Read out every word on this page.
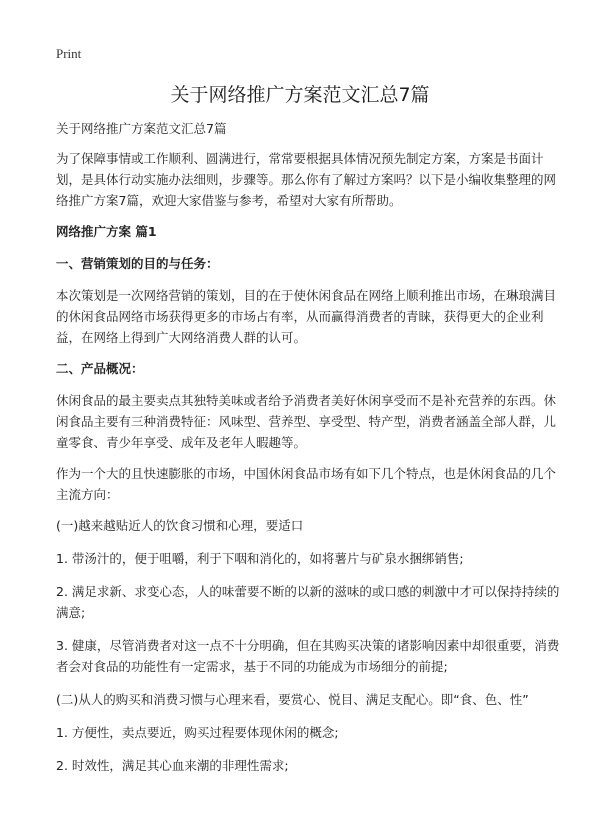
Print
关于网络推广方案范文汇总7篇

关于网络推广方案范文汇总7篇

为了保障事情或工作顺利、圆满进行，常常要根据具体情况预先制定方案，方案是书面计划，是具体行动实施办法细则，步骤等。那么你有了解过方案吗？以下是小编收集整理的网络推广方案7篇，欢迎大家借鉴与参考，希望对大家有所帮助。

网络推广方案 篇1

一、营销策划的目的与任务：

本次策划是一次网络营销的策划，目的在于使休闲食品在网络上顺利推出市场，在琳琅满目的休闲食品网络市场获得更多的市场占有率，从而赢得消费者的青睐，获得更大的企业利益，在网络上得到广大网络消费人群的认可。

二、产品概况：

休闲食品的最主要卖点其独特美味或者给予消费者美好休闲享受而不是补充营养的东西。休闲食品主要有三种消费特征：风味型、营养型、享受型、特产型，消费者涵盖全部人群，儿童零食、青少年享受、成年及老年人暇趣等。

作为一个大的且快速膨胀的市场，中国休闲食品市场有如下几个特点，也是休闲食品的几个主流方向：

(一)越来越贴近人的饮食习惯和心理，要适口

1. 带汤汁的，便于咀嚼，利于下咽和消化的，如将薯片与矿泉水捆绑销售;

2. 满足求新、求变心态，人的味蕾要不断的以新的滋味的或口感的刺激中才可以保持持续的满意;

3. 健康，尽管消费者对这一点不十分明确，但在其购买决策的诸影响因素中却很重要，消费者会对食品的功能性有一定需求，基于不同的功能成为市场细分的前提;

(二)从人的购买和消费习惯与心理来看，要赏心、悦目、满足支配心。即“食、色、性”

1. 方便性，卖点要近，购买过程要体现休闲的概念;

2. 时效性，满足其心血来潮的非理性需求;
